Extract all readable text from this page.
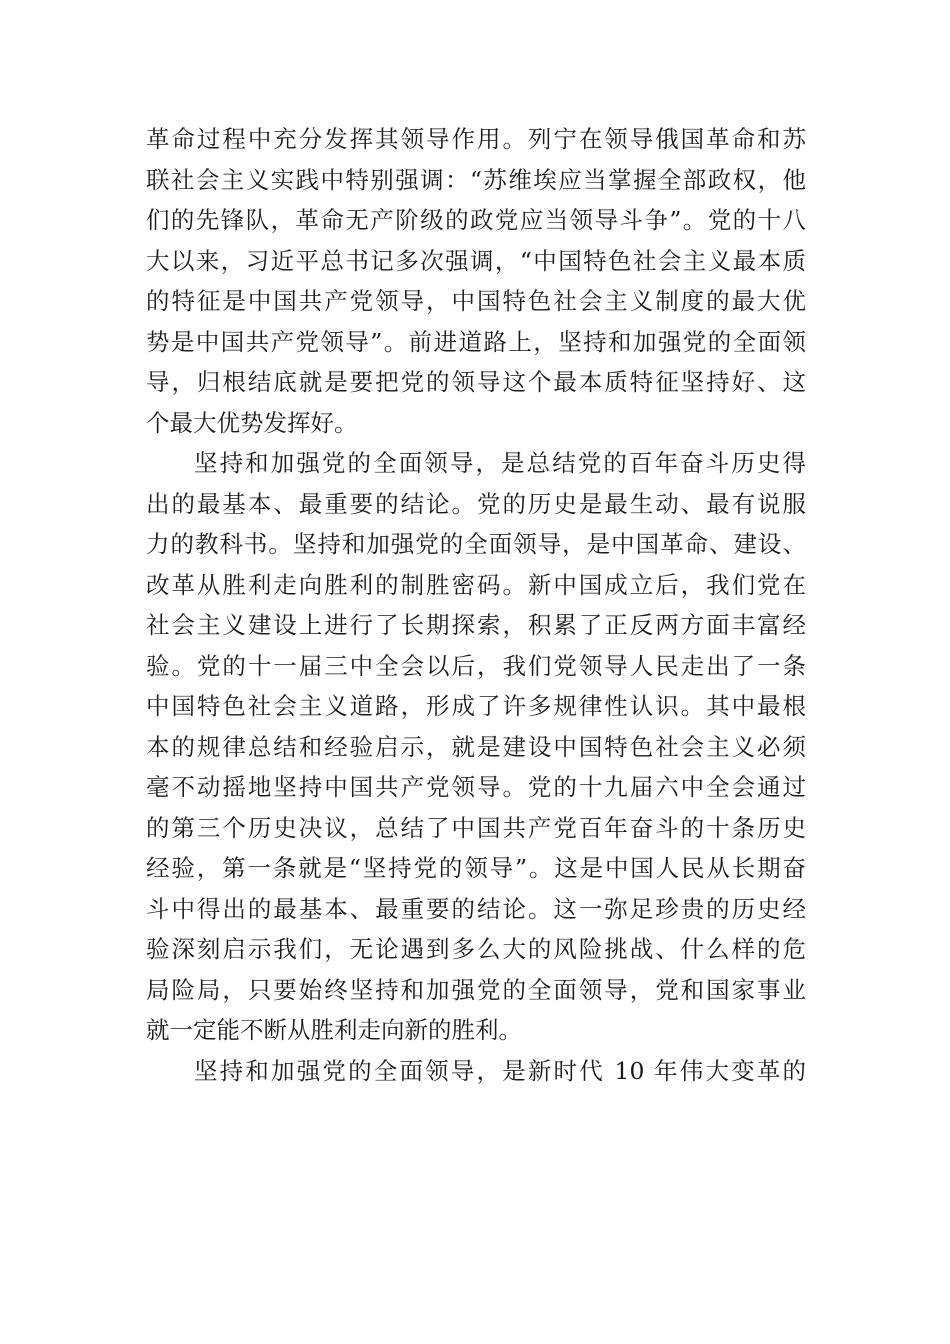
革命过程中充分发挥其领导作用。列宁在领导俄国革命和苏
联社会主义实践中特别强调：“苏维埃应当掌握全部政权，他
们的先锋队，革命无产阶级的政党应当领导斗争”。党的十八
大以来，习近平总书记多次强调，“中国特色社会主义最本质
的特征是中国共产党领导，中国特色社会主义制度的最大优
势是中国共产党领导”。前进道路上，坚持和加强党的全面领
导，归根结底就是要把党的领导这个最本质特征坚持好、这
个最大优势发挥好。
坚持和加强党的全面领导，是总结党的百年奋斗历史得
出的最基本、最重要的结论。党的历史是最生动、最有说服
力的教科书。坚持和加强党的全面领导，是中国革命、建设、
改革从胜利走向胜利的制胜密码。新中国成立后，我们党在
社会主义建设上进行了长期探索，积累了正反两方面丰富经
验。党的十一届三中全会以后，我们党领导人民走出了一条
中国特色社会主义道路，形成了许多规律性认识。其中最根
本的规律总结和经验启示，就是建设中国特色社会主义必须
毫不动摇地坚持中国共产党领导。党的十九届六中全会通过
的第三个历史决议，总结了中国共产党百年奋斗的十条历史
经验，第一条就是“坚持党的领导”。这是中国人民从长期奋
斗中得出的最基本、最重要的结论。这一弥足珍贵的历史经
验深刻启示我们，无论遇到多么大的风险挑战、什么样的危
局险局，只要始终坚持和加强党的全面领导，党和国家事业
就一定能不断从胜利走向新的胜利。
坚持和加强党的全面领导，是新时代 10 年伟大变革的
